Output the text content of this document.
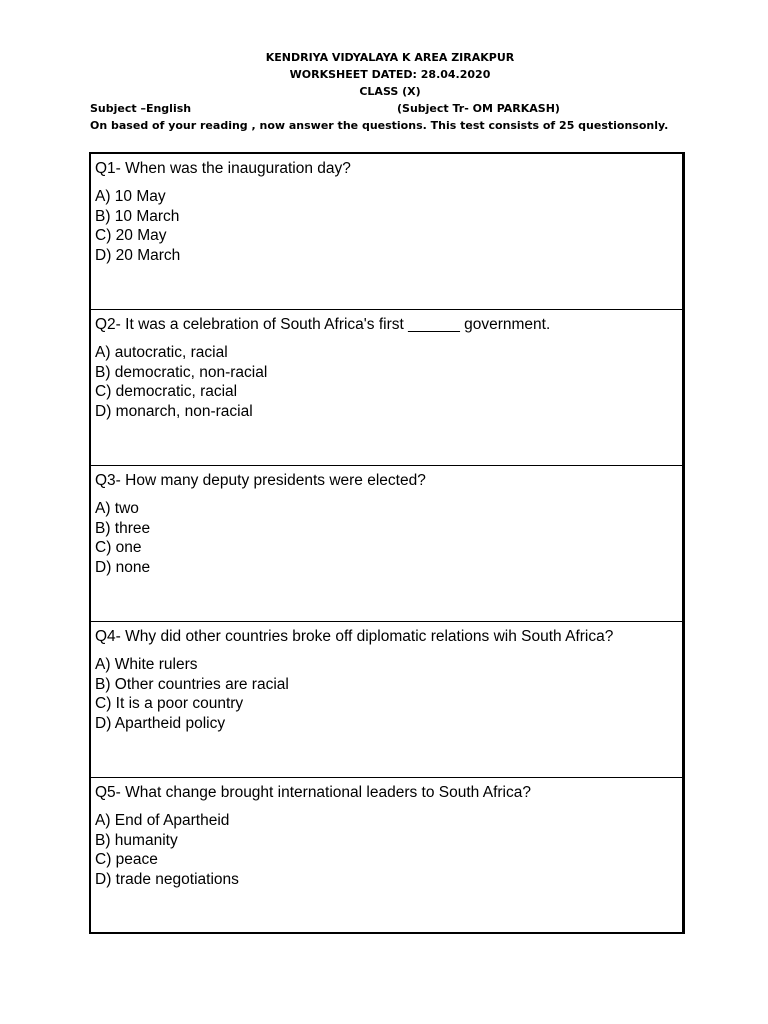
KENDRIYA VIDYALAYA K AREA ZIRAKPUR
WORKSHEET DATED: 28.04.2020
CLASS (X)
Subject –English	(Subject Tr- OM PARKASH)
On based of your reading , now answer the questions. This test consists of 25 questionsonly.
Q1- When was the inauguration day?
A) 10 May
B) 10 March
C) 20 May
D) 20 March
Q2- It was a celebration of South Africa's first ______ government.
A) autocratic, racial
B) democratic, non-racial
C) democratic, racial
D) monarch, non-racial
Q3- How many deputy presidents were elected?
A) two
B) three
C) one
D) none
Q4- Why did other countries broke off diplomatic relations wih South Africa?
A) White rulers
B) Other countries are racial
C) It is a poor country
D) Apartheid policy
Q5- What change brought international leaders to South Africa?
A) End of Apartheid
B) humanity
C) peace
D) trade negotiations
